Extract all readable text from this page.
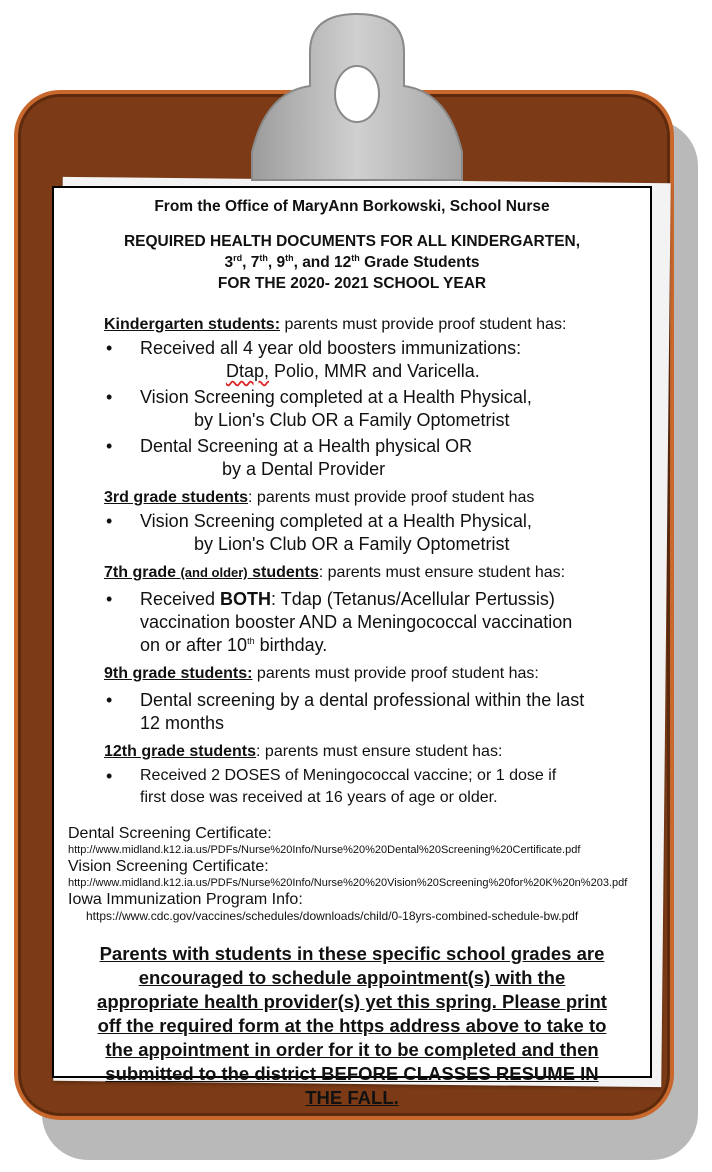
From the Office of MaryAnn Borkowski, School Nurse
REQUIRED HEALTH DOCUMENTS FOR ALL KINDERGARTEN,
3rd, 7th, 9th, and 12th Grade Students
FOR THE 2020- 2021 SCHOOL YEAR
Kindergarten students: parents must provide proof student has:
• Received all 4 year old boosters immunizations:
Dtap, Polio, MMR and Varicella.
• Vision Screening completed at a Health Physical,
by Lion's Club OR a Family Optometrist
• Dental Screening at a Health physical OR
by a Dental Provider
3rd grade students: parents must provide proof student has
• Vision Screening completed at a Health Physical,
by Lion's Club OR a Family Optometrist
7th grade (and older) students: parents must ensure student has:
• Received BOTH: Tdap (Tetanus/Acellular Pertussis)
vaccination booster AND a Meningococcal vaccination
on or after 10th birthday.
9th grade students: parents must provide proof student has:
• Dental screening by a dental professional within the last
12 months
12th grade students: parents must ensure student has:
• Received 2 DOSES of Meningococcal vaccine; or 1 dose if
first dose was received at 16 years of age or older.
Dental Screening Certificate:
http://www.midland.k12.ia.us/PDFs/Nurse%20Info/Nurse%20%20Dental%20Screening%20Certificate.pdf
Vision Screening Certificate:
http://www.midland.k12.ia.us/PDFs/Nurse%20Info/Nurse%20%20Vision%20Screening%20for%20K%20n%203.pdf
Iowa Immunization Program Info:
https://www.cdc.gov/vaccines/schedules/downloads/child/0-18yrs-combined-schedule-bw.pdf
Parents with students in these specific school grades are
encouraged to schedule appointment(s) with the
appropriate health provider(s) yet this spring. Please print
off the required form at the https address above to take to
the appointment in order for it to be completed and then
submitted to the district BEFORE CLASSES RESUME IN
THE FALL.
